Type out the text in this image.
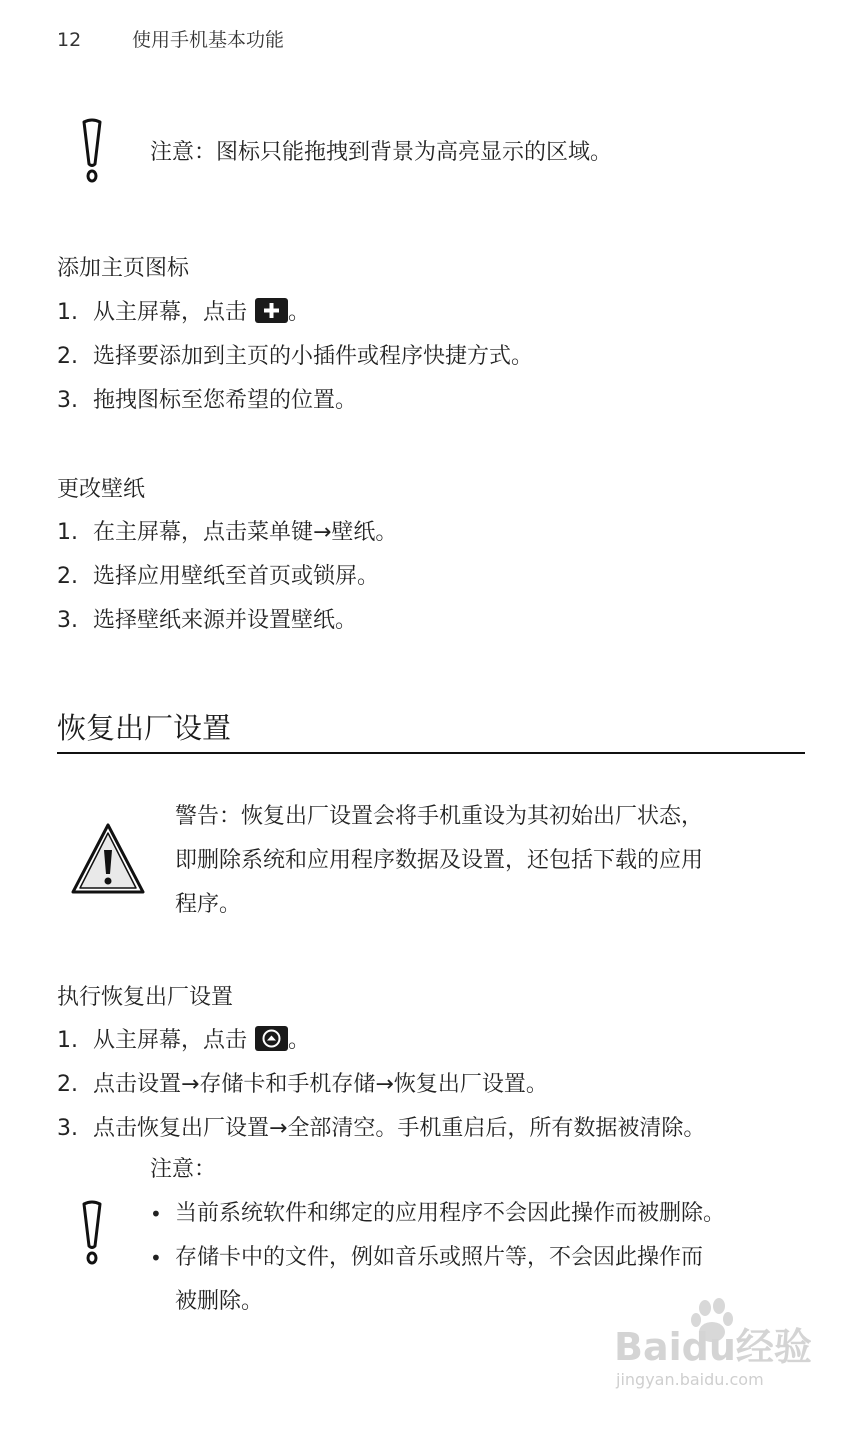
12	使用手机基本功能
注意：图标只能拖拽到背景为高亮显示的区域。
添加主页图标
1. 从主屏幕，点击 。
2. 选择要添加到主页的小插件或程序快捷方式。
3. 拖拽图标至您希望的位置。
更改壁纸
1. 在主屏幕，点击菜单键→壁纸。
2. 选择应用壁纸至首页或锁屏。
3. 选择壁纸来源并设置壁纸。
恢复出厂设置
警告：恢复出厂设置会将手机重设为其初始出厂状态，
即删除系统和应用程序数据及设置，还包括下载的应用
程序。
执行恢复出厂设置
1. 从主屏幕，点击 。
2. 点击设置→存储卡和手机存储→恢复出厂设置。
3. 点击恢复出厂设置→全部清空。手机重启后，所有数据被清除。
注意：
• 当前系统软件和绑定的应用程序不会因此操作而被删除。
• 存储卡中的文件，例如音乐或照片等，不会因此操作而
被删除。
Baidu经验
jingyan.baidu.com
